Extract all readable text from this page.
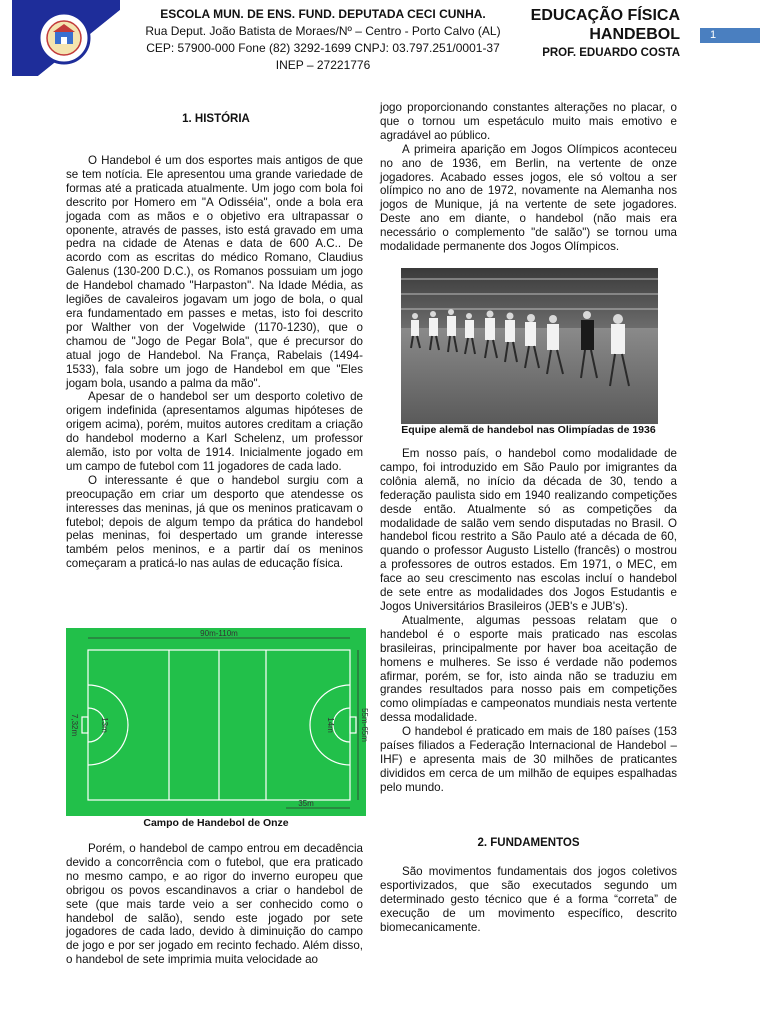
ESCOLA MUN. DE ENS. FUND. DEPUTADA CECI CUNHA.
Rua Deput. João Batista de Moraes/Nº – Centro - Porto Calvo (AL)
CEP: 57900-000 Fone (82) 3292-1699 CNPJ: 03.797.251/0001-37
INEP – 27221776
EDUCAÇÃO FÍSICA
HANDEBOL
PROF. EDUARDO COSTA
1
1. HISTÓRIA

O Handebol é um dos esportes mais antigos de que se tem notícia. Ele apresentou uma grande variedade de formas até a praticada atualmente. Um jogo com bola foi descrito por Homero em "A Odisséia", onde a bola era jogada com as mãos e o objetivo era ultrapassar o oponente, através de passes, isto está gravado em uma pedra na cidade de Atenas e data de 600 A.C.. De acordo com as escritas do médico Romano, Claudius Galenus (130-200 D.C.), os Romanos possuiam um jogo de Handebol chamado "Harpaston". Na Idade Média, as legiões de cavaleiros jogavam um jogo de bola, o qual era fundamentado em passes e metas, isto foi descrito por Walther von der Vogelwide (1170-1230), que o chamou de "Jogo de Pegar Bola", que é precursor do atual jogo de Handebol. Na França, Rabelais (1494-1533), fala sobre um jogo de Handebol em que "Eles jogam bola, usando a palma da mão".

Apesar de o handebol ser um desporto coletivo de origem indefinida (apresentamos algumas hipóteses de origem acima), porém, muitos autores creditam a criação do handebol moderno a Karl Schelenz, um professor alemão, isto por volta de 1914. Inicialmente jogado em um campo de futebol com 11 jogadores de cada lado.

O interessante é que o handebol surgiu com a preocupação em criar um desporto que atendesse os interesses das meninas, já que os meninos praticavam o futebol; depois de algum tempo da prática do handebol pelas meninas, foi despertado um grande interesse também pelos meninos, e a partir daí os meninos começaram a praticá-lo nas aulas de educação física.

90m-110m
35m
55m-65m
7,32m	13m	14m
Campo de Handebol de Onze

Porém, o handebol de campo entrou em decadência devido a concorrência com o futebol, que era praticado no mesmo campo, e ao rigor do inverno europeu que obrigou os povos escandinavos a criar o handebol de sete (que mais tarde veio a ser conhecido como o handebol de salão), sendo este jogado por sete jogadores de cada lado, devido à diminuição do campo de jogo e por ser jogado em recinto fechado. Além disso, o handebol de sete imprimia muita velocidade ao

jogo proporcionando constantes alterações no placar, o que o tornou um espetáculo muito mais emotivo e agradável ao público.

A primeira aparição em Jogos Olímpicos aconteceu no ano de 1936, em Berlin, na vertente de onze jogadores. Acabado esses jogos, ele só voltou a ser olímpico no ano de 1972, novamente na Alemanha nos jogos de Munique, já na vertente de sete jogadores. Deste ano em diante, o handebol (não mais era necessário o complemento "de salão") se tornou uma modalidade permanente dos Jogos Olímpicos.

Equipe alemã de handebol nas Olimpíadas de 1936

Em nosso país, o handebol como modalidade de campo, foi introduzido em São Paulo por imigrantes da colônia alemã, no início da década de 30, tendo a federação paulista sido em 1940 realizando competições desde então. Atualmente só as competições da modalidade de salão vem sendo disputadas no Brasil. O handebol ficou restrito a São Paulo até a década de 60, quando o professor Augusto Listello (francês) o mostrou a professores de outros estados. Em 1971, o MEC, em face ao seu crescimento nas escolas incluí o handebol de sete entre as modalidades dos Jogos Estudantis e Jogos Universitários Brasileiros (JEB's e JUB's).

Atualmente, algumas pessoas relatam que o handebol é o esporte mais praticado nas escolas brasileiras, principalmente por haver boa aceitação de homens e mulheres. Se isso é verdade não podemos afirmar, porém, se for, isto ainda não se traduziu em grandes resultados para nosso pais em competições como olimpíadas e campeonatos mundiais nesta vertente dessa modalidade.

O handebol é praticado em mais de 180 países (153 países filiados a Federação Internacional de Handebol – IHF) e apresenta mais de 30 milhões de praticantes divididos em cerca de um milhão de equipes espalhadas pelo mundo.

2. FUNDAMENTOS

São movimentos fundamentais dos jogos coletivos esportivizados, que são executados segundo um determinado gesto técnico que é a forma “correta” de execução de um movimento específico, descrito biomecanicamente.
